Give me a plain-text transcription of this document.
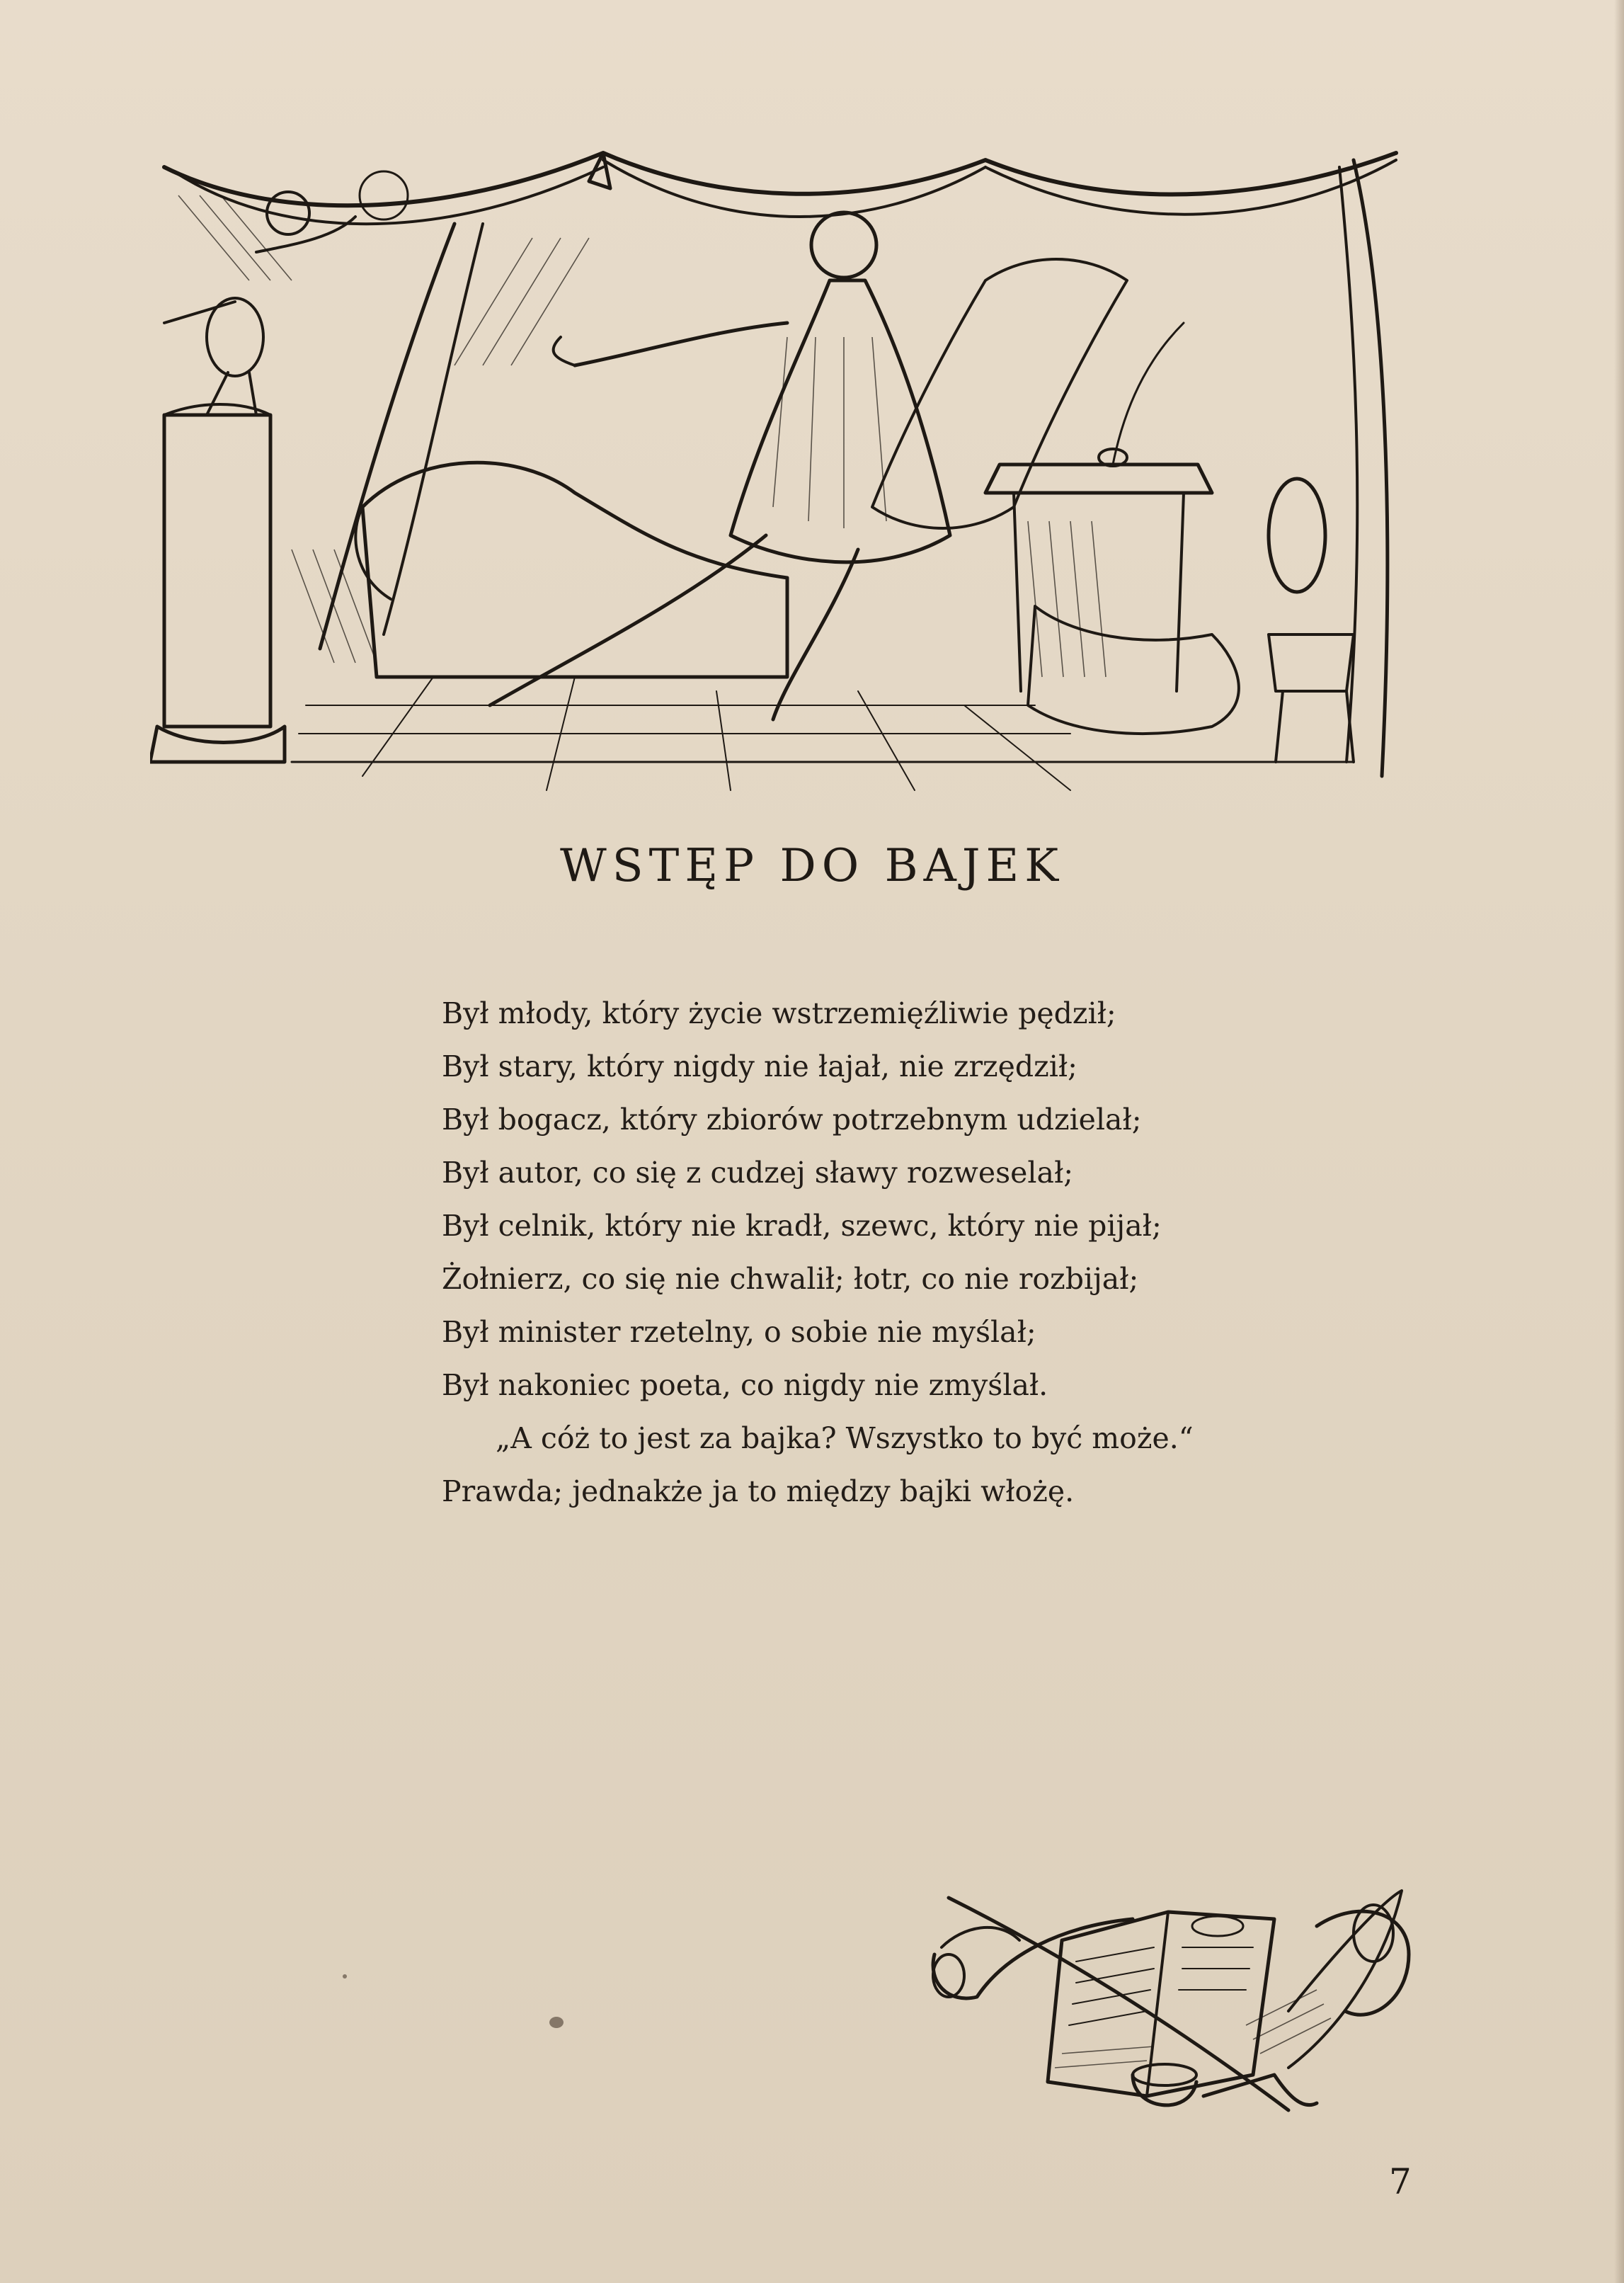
WSTĘP DO BAJEK
Był młody, który życie wstrzemięźliwie pędził;
Był stary, który nigdy nie łajał, nie zrzędził;
Był bogacz, który zbiorów potrzebnym udzielał;
Był autor, co się z cudzej sławy rozweselał;
Był celnik, który nie kradł, szewc, który nie pijał;
Żołnierz, co się nie chwalił; łotr, co nie rozbijał;
Był minister rzetelny, o sobie nie myślał;
Był nakoniec poeta, co nigdy nie zmyślał.
„A cóż to jest za bajka? Wszystko to być może.“
Prawda; jednakże ja to między bajki włożę.
7
